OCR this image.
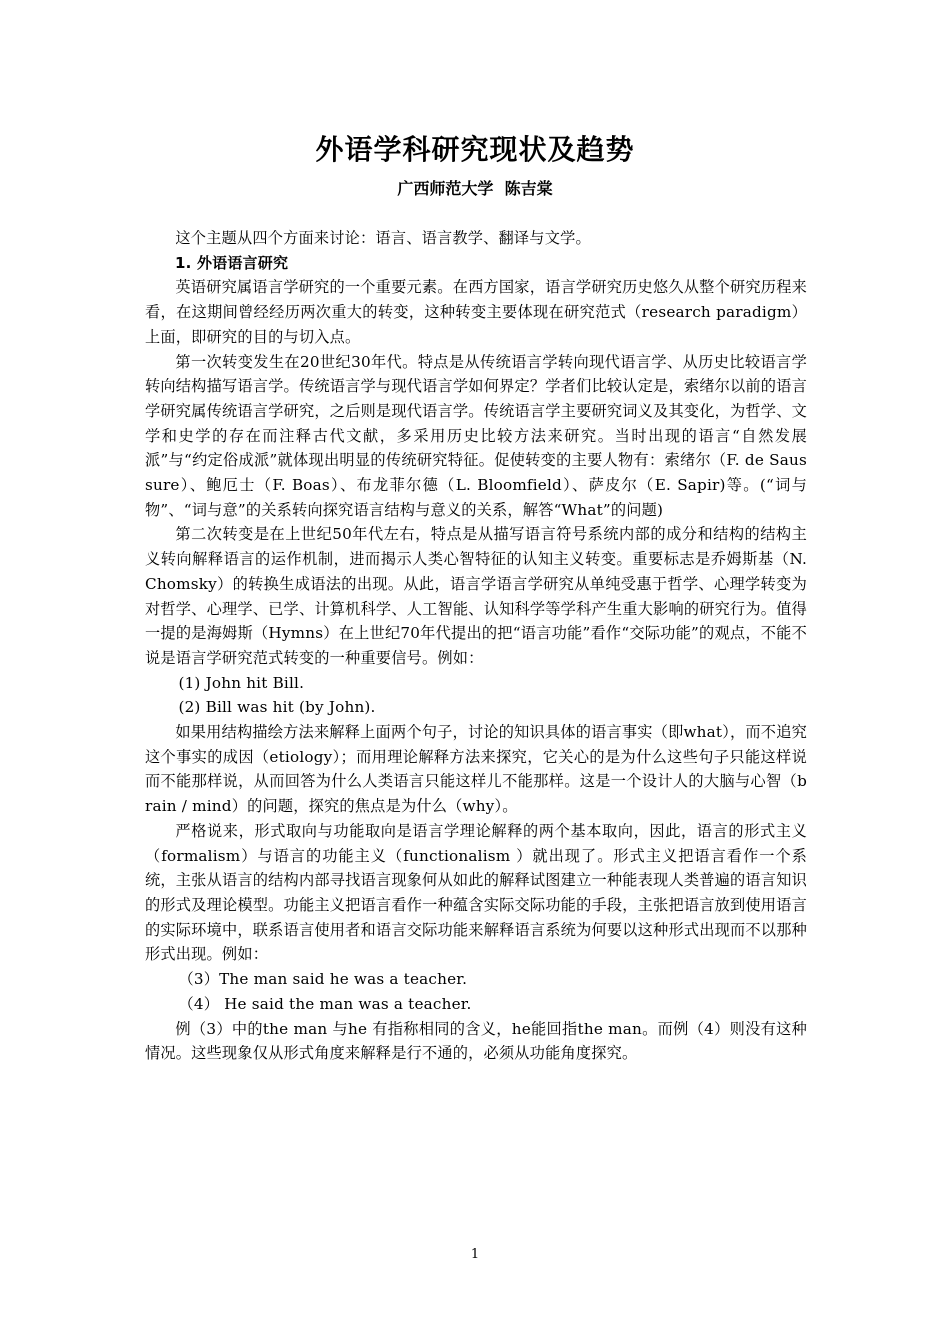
外语学科研究现状及趋势
广西师范大学  陈吉棠

这个主题从四个方面来讨论：语言、语言教学、翻译与文学。

1. 外语语言研究

英语研究属语言学研究的一个重要元素。在西方国家，语言学研究历史悠久从整个研究历程来看，在这期间曾经经历两次重大的转变，这种转变主要体现在研究范式（research paradigm）上面，即研究的目的与切入点。

第一次转变发生在20世纪30年代。特点是从传统语言学转向现代语言学、从历史比较语言学转向结构描写语言学。传统语言学与现代语言学如何界定？学者们比较认定是，索绪尔以前的语言学研究属传统语言学研究，之后则是现代语言学。传统语言学主要研究词义及其变化，为哲学、文学和史学的存在而注释古代文献，多采用历史比较方法来研究。当时出现的语言“自然发展派”与“约定俗成派”就体现出明显的传统研究特征。促使转变的主要人物有：索绪尔（F. de Saussure）、鲍厄士（F. Boas）、布龙菲尔德（L. Bloomfield）、萨皮尔（E. Sapir)等。(“词与物”、“词与意”的关系转向探究语言结构与意义的关系，解答“What”的问题)

第二次转变是在上世纪50年代左右，特点是从描写语言符号系统内部的成分和结构的结构主义转向解释语言的运作机制，进而揭示人类心智特征的认知主义转变。重要标志是乔姆斯基（N. Chomsky）的转换生成语法的出现。从此，语言学语言学研究从单纯受惠于哲学、心理学转变为对哲学、心理学、已学、计算机科学、人工智能、认知科学等学科产生重大影响的研究行为。值得一提的是海姆斯（Hymns）在上世纪70年代提出的把“语言功能”看作“交际功能”的观点，不能不说是语言学研究范式转变的一种重要信号。例如：

(1) John hit Bill.

(2) Bill was hit (by John).

如果用结构描绘方法来解释上面两个句子，讨论的知识具体的语言事实（即what），而不追究这个事实的成因（etiology）；而用理论解释方法来探究，它关心的是为什么这些句子只能这样说而不能那样说，从而回答为什么人类语言只能这样儿不能那样。这是一个设计人的大脑与心智（brain / mind）的问题，探究的焦点是为什么（why）。

严格说来，形式取向与功能取向是语言学理论解释的两个基本取向，因此，语言的形式主义（formalism）与语言的功能主义（functionalism ）就出现了。形式主义把语言看作一个系统，主张从语言的结构内部寻找语言现象何从如此的解释试图建立一种能表现人类普遍的语言知识的形式及理论模型。功能主义把语言看作一种蕴含实际交际功能的手段，主张把语言放到使用语言的实际环境中，联系语言使用者和语言交际功能来解释语言系统为何要以这种形式出现而不以那种形式出现。例如：

（3）The man said he was a teacher.

（4） He said the man was a teacher.

例（3）中的the man 与he 有指称相同的含义，he能回指the man。而例（4）则没有这种情况。这些现象仅从形式角度来解释是行不通的，必须从功能角度探究。

1
